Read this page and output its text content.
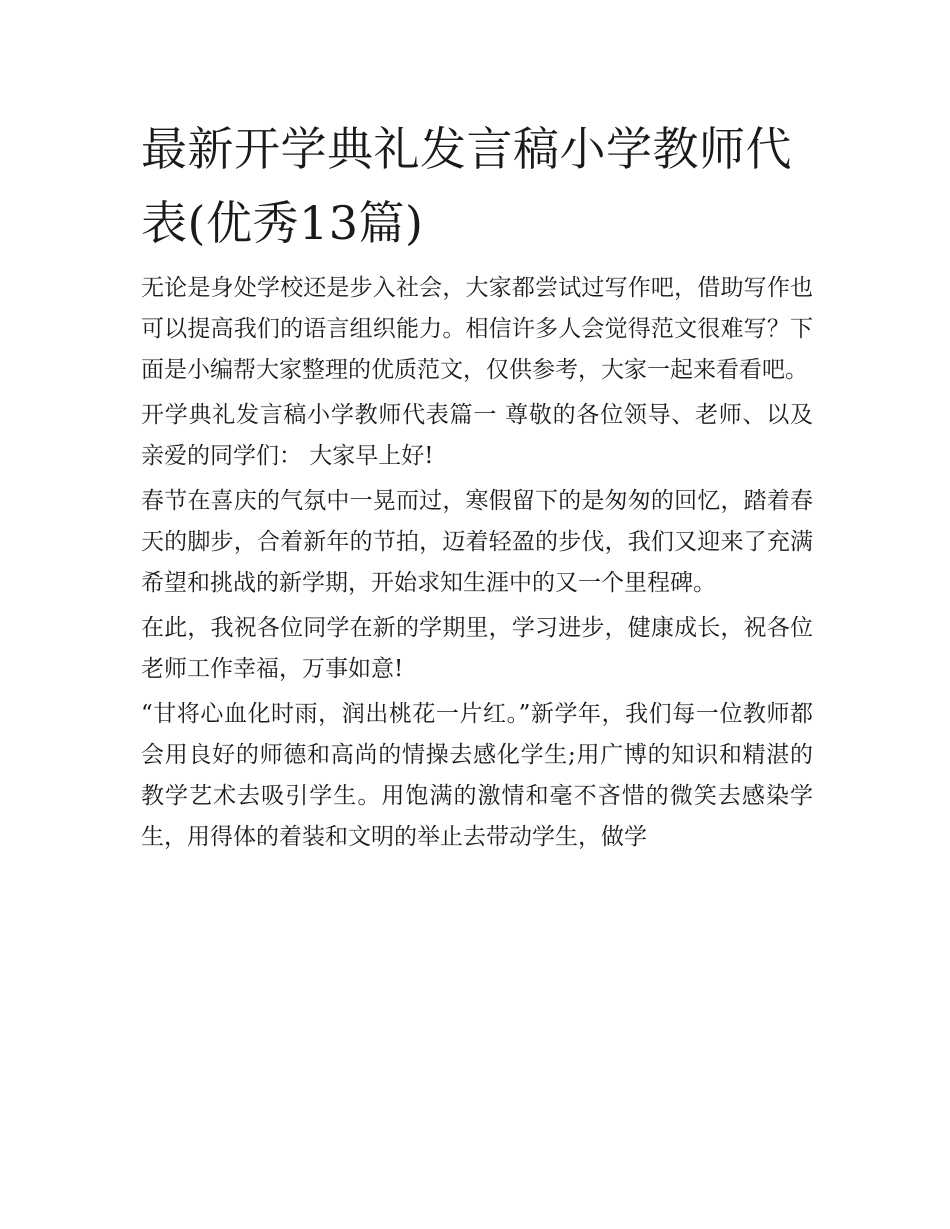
最新开学典礼发言稿小学教师代表(优秀13篇)

无论是身处学校还是步入社会，大家都尝试过写作吧，借助写作也可以提高我们的语言组织能力。相信许多人会觉得范文很难写？下面是小编帮大家整理的优质范文，仅供参考，大家一起来看看吧。

开学典礼发言稿小学教师代表篇一 尊敬的各位领导、老师、以及亲爱的同学们： 大家早上好!

春节在喜庆的气氛中一晃而过，寒假留下的是匆匆的回忆，踏着春天的脚步，合着新年的节拍，迈着轻盈的步伐，我们又迎来了充满希望和挑战的新学期，开始求知生涯中的又一个里程碑。

在此，我祝各位同学在新的学期里，学习进步，健康成长，祝各位老师工作幸福，万事如意!

“甘将心血化时雨，润出桃花一片红。”新学年，我们每一位教师都会用良好的师德和高尚的情操去感化学生;用广博的知识和精湛的教学艺术去吸引学生。用饱满的激情和毫不吝惜的微笑去感染学生，用得体的着装和文明的举止去带动学生，做学
